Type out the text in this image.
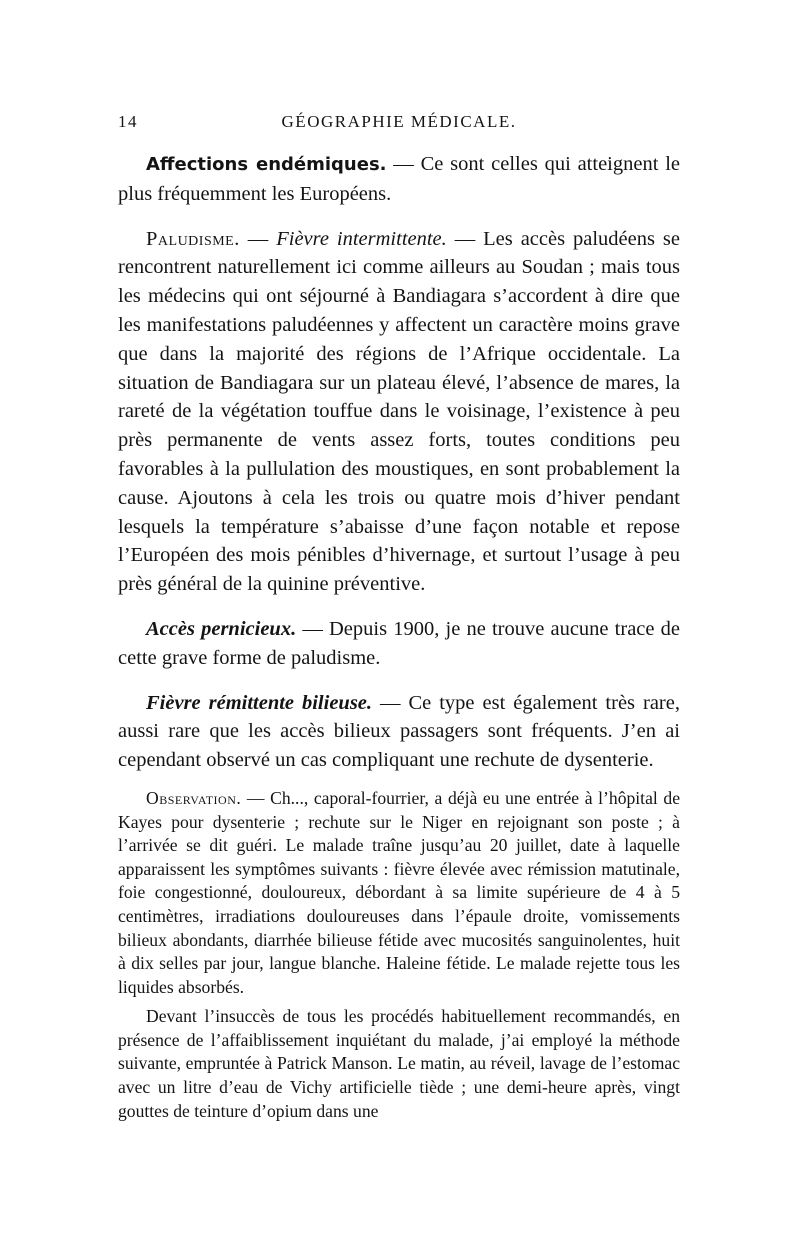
14	GÉOGRAPHIE MÉDICALE.

Affections endémiques. — Ce sont celles qui atteignent le plus fréquemment les Européens.

Paludisme. — Fièvre intermittente. — Les accès paludéens se rencontrent naturellement ici comme ailleurs au Soudan ; mais tous les médecins qui ont séjourné à Bandiagara s’accordent à dire que les manifestations paludéennes y affectent un caractère moins grave que dans la majorité des régions de l’Afrique occidentale. La situation de Bandiagara sur un plateau élevé, l’absence de mares, la rareté de la végétation touffue dans le voisinage, l’existence à peu près permanente de vents assez forts, toutes conditions peu favorables à la pullulation des moustiques, en sont probablement la cause. Ajoutons à cela les trois ou quatre mois d’hiver pendant lesquels la température s’abaisse d’une façon notable et repose l’Européen des mois pénibles d’hivernage, et surtout l’usage à peu près général de la quinine préventive.

Accès pernicieux. — Depuis 1900, je ne trouve aucune trace de cette grave forme de paludisme.

Fièvre rémittente bilieuse. — Ce type est également très rare, aussi rare que les accès bilieux passagers sont fréquents. J’en ai cependant observé un cas compliquant une rechute de dysenterie.

Observation. — Ch..., caporal-fourrier, a déjà eu une entrée à l’hôpital de Kayes pour dysenterie ; rechute sur le Niger en rejoignant son poste ; à l’arrivée se dit guéri. Le malade traîne jusqu’au 20 juillet, date à laquelle apparaissent les symptômes suivants : fièvre élevée avec rémission matutinale, foie congestionné, douloureux, débordant à sa limite supérieure de 4 à 5 centimètres, irradiations douloureuses dans l’épaule droite, vomissements bilieux abondants, diarrhée bilieuse fétide avec mucosités sanguinolentes, huit à dix selles par jour, langue blanche. Haleine fétide. Le malade rejette tous les liquides absorbés.

Devant l’insuccès de tous les procédés habituellement recommandés, en présence de l’affaiblissement inquiétant du malade, j’ai employé la méthode suivante, empruntée à Patrick Manson. Le matin, au réveil, lavage de l’estomac avec un litre d’eau de Vichy artificielle tiède ; une demi-heure après, vingt gouttes de teinture d’opium dans une
